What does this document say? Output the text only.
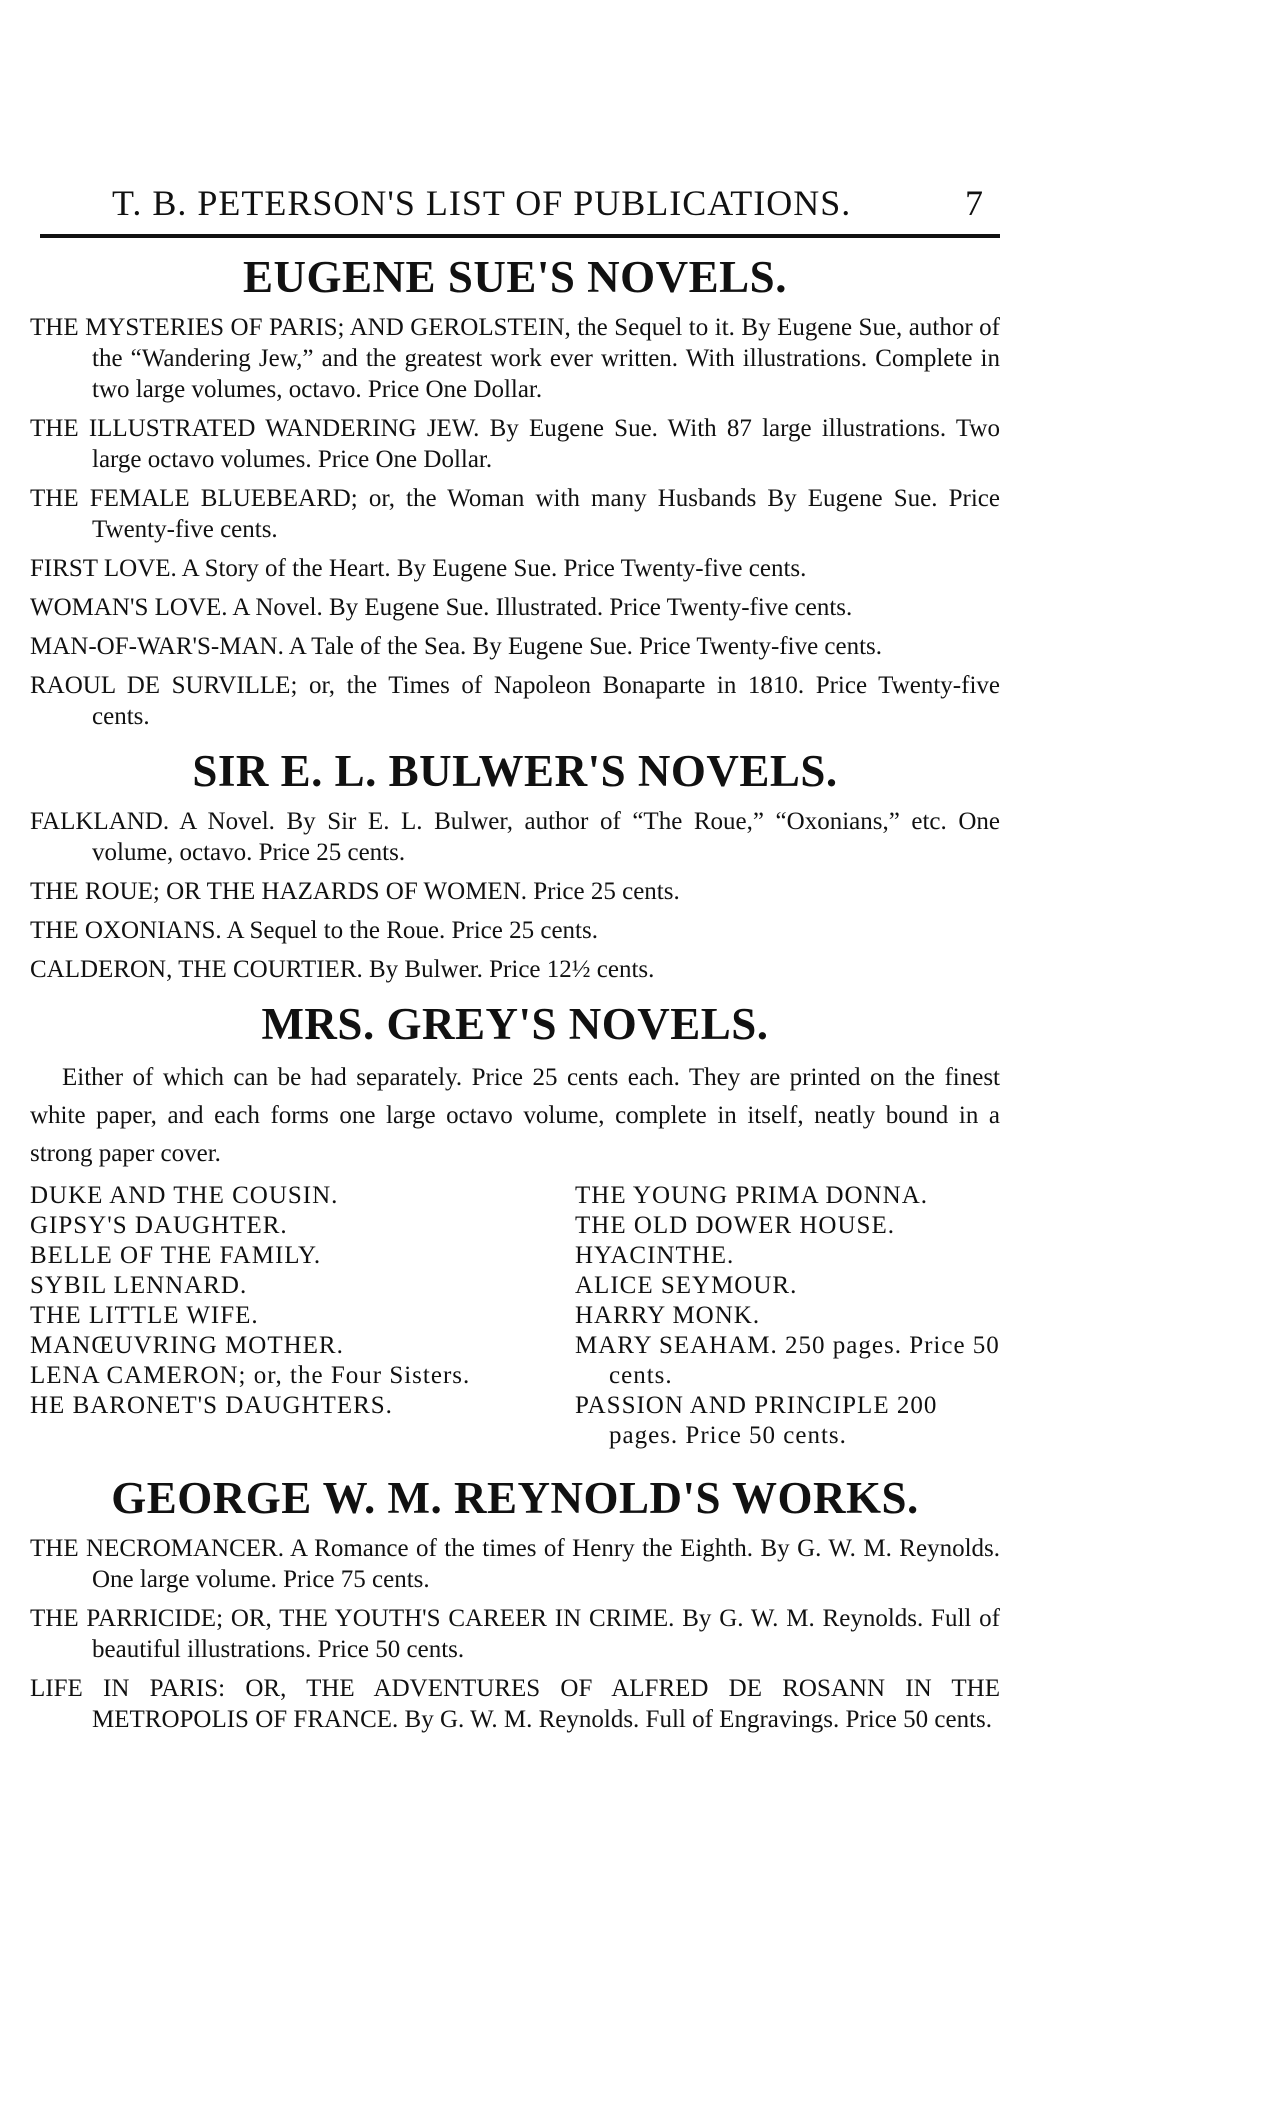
T. B. PETERSON'S LIST OF PUBLICATIONS.	7
EUGENE SUE'S NOVELS.

THE MYSTERIES OF PARIS; AND GEROLSTEIN, the Sequel to it. By Eugene Sue, author of the “Wandering Jew,” and the greatest work ever written. With illustrations. Complete in two large volumes, octavo. Price One Dollar.

THE ILLUSTRATED WANDERING JEW. By Eugene Sue. With 87 large illustrations. Two large octavo volumes. Price One Dollar.

THE FEMALE BLUEBEARD; or, the Woman with many Husbands By Eugene Sue. Price Twenty-five cents.

FIRST LOVE. A Story of the Heart. By Eugene Sue. Price Twenty-five cents.

WOMAN'S LOVE. A Novel. By Eugene Sue. Illustrated. Price Twenty-five cents.

MAN-OF-WAR'S-MAN. A Tale of the Sea. By Eugene Sue. Price Twenty-five cents.

RAOUL DE SURVILLE; or, the Times of Napoleon Bonaparte in 1810. Price Twenty-five cents.

SIR E. L. BULWER'S NOVELS.

FALKLAND. A Novel. By Sir E. L. Bulwer, author of “The Roue,” “Oxonians,” etc. One volume, octavo. Price 25 cents.

THE ROUE; OR THE HAZARDS OF WOMEN. Price 25 cents.

THE OXONIANS. A Sequel to the Roue. Price 25 cents.

CALDERON, THE COURTIER. By Bulwer. Price 12½ cents.

MRS. GREY'S NOVELS.

Either of which can be had separately. Price 25 cents each. They are printed on the finest white paper, and each forms one large octavo volume, complete in itself, neatly bound in a strong paper cover.

DUKE AND THE COUSIN.
GIPSY'S DAUGHTER.
BELLE OF THE FAMILY.
SYBIL LENNARD.
THE LITTLE WIFE.
MANŒUVRING MOTHER.
LENA CAMERON; or, the Four Sisters.
HE BARONET'S DAUGHTERS.
THE YOUNG PRIMA DONNA.
THE OLD DOWER HOUSE.
HYACINTHE.
ALICE SEYMOUR.
HARRY MONK.
MARY SEAHAM. 250 pages. Price 50 cents.
PASSION AND PRINCIPLE 200 pages. Price 50 cents.
GEORGE W. M. REYNOLD'S WORKS.

THE NECROMANCER. A Romance of the times of Henry the Eighth. By G. W. M. Reynolds. One large volume. Price 75 cents.

THE PARRICIDE; OR, THE YOUTH'S CAREER IN CRIME. By G. W. M. Reynolds. Full of beautiful illustrations. Price 50 cents.

LIFE IN PARIS: OR, THE ADVENTURES OF ALFRED DE ROSANN IN THE METROPOLIS OF FRANCE. By G. W. M. Reynolds. Full of Engravings. Price 50 cents.
